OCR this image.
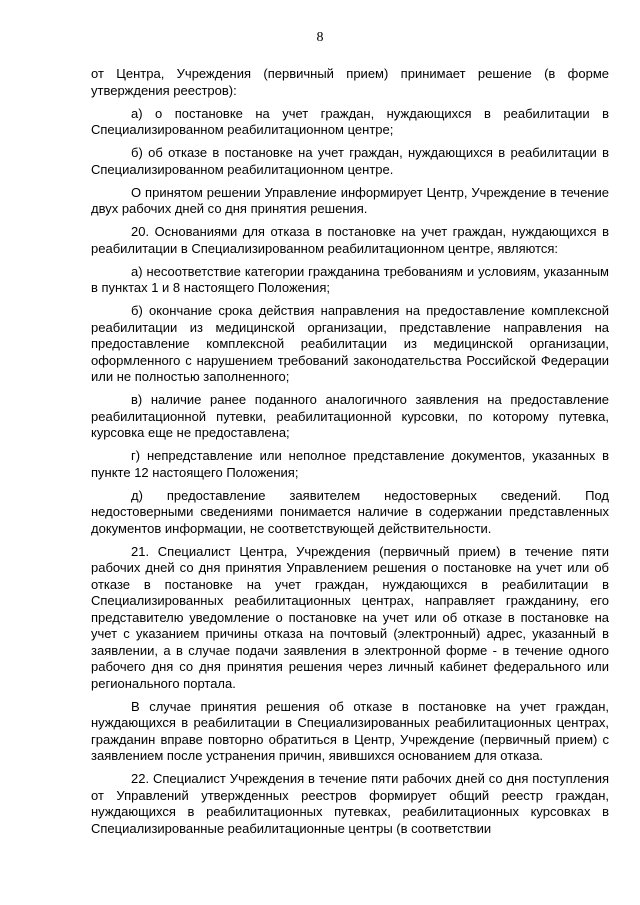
8

от Центра, Учреждения (первичный прием) принимает решение (в форме утверждения реестров):

а) о постановке на учет граждан, нуждающихся в реабилитации в Специализированном реабилитационном центре;

б) об отказе в постановке на учет граждан, нуждающихся в реабилитации в Специализированном реабилитационном центре.

О принятом решении Управление информирует Центр, Учреждение в течение двух рабочих дней со дня принятия решения.

20. Основаниями для отказа в постановке на учет граждан, нуждающихся в реабилитации в Специализированном реабилитационном центре, являются:

а) несоответствие категории гражданина требованиям и условиям, указанным в пунктах 1 и 8 настоящего Положения;

б) окончание срока действия направления на предоставление комплексной реабилитации из медицинской организации, представление направления на предоставление комплексной реабилитации из медицинской организации, оформленного с нарушением требований законодательства Российской Федерации или не полностью заполненного;

в) наличие ранее поданного аналогичного заявления на предоставление реабилитационной путевки, реабилитационной курсовки, по которому путевка, курсовка еще не предоставлена;

г) непредставление или неполное представление документов, указанных в пункте 12 настоящего Положения;

д) предоставление заявителем недостоверных сведений. Под недостоверными сведениями понимается наличие в содержании представленных документов информации, не соответствующей действительности.

21. Специалист Центра, Учреждения (первичный прием) в течение пяти рабочих дней со дня принятия Управлением решения о постановке на учет или об отказе в постановке на учет граждан, нуждающихся в реабилитации в Специализированных реабилитационных центрах, направляет гражданину, его представителю уведомление о постановке на учет или об отказе в постановке на учет с указанием причины отказа на почтовый (электронный) адрес, указанный в заявлении, а в случае подачи заявления в электронной форме - в течение одного рабочего дня со дня принятия решения через личный кабинет федерального или регионального портала.

В случае принятия решения об отказе в постановке на учет граждан, нуждающихся в реабилитации в Специализированных реабилитационных центрах, гражданин вправе повторно обратиться в Центр, Учреждение (первичный прием) с заявлением после устранения причин, явившихся основанием для отказа.

22. Специалист Учреждения в течение пяти рабочих дней со дня поступления от Управлений утвержденных реестров формирует общий реестр граждан, нуждающихся в реабилитационных путевках, реабилитационных курсовках в Специализированные реабилитационные центры (в соответствии
